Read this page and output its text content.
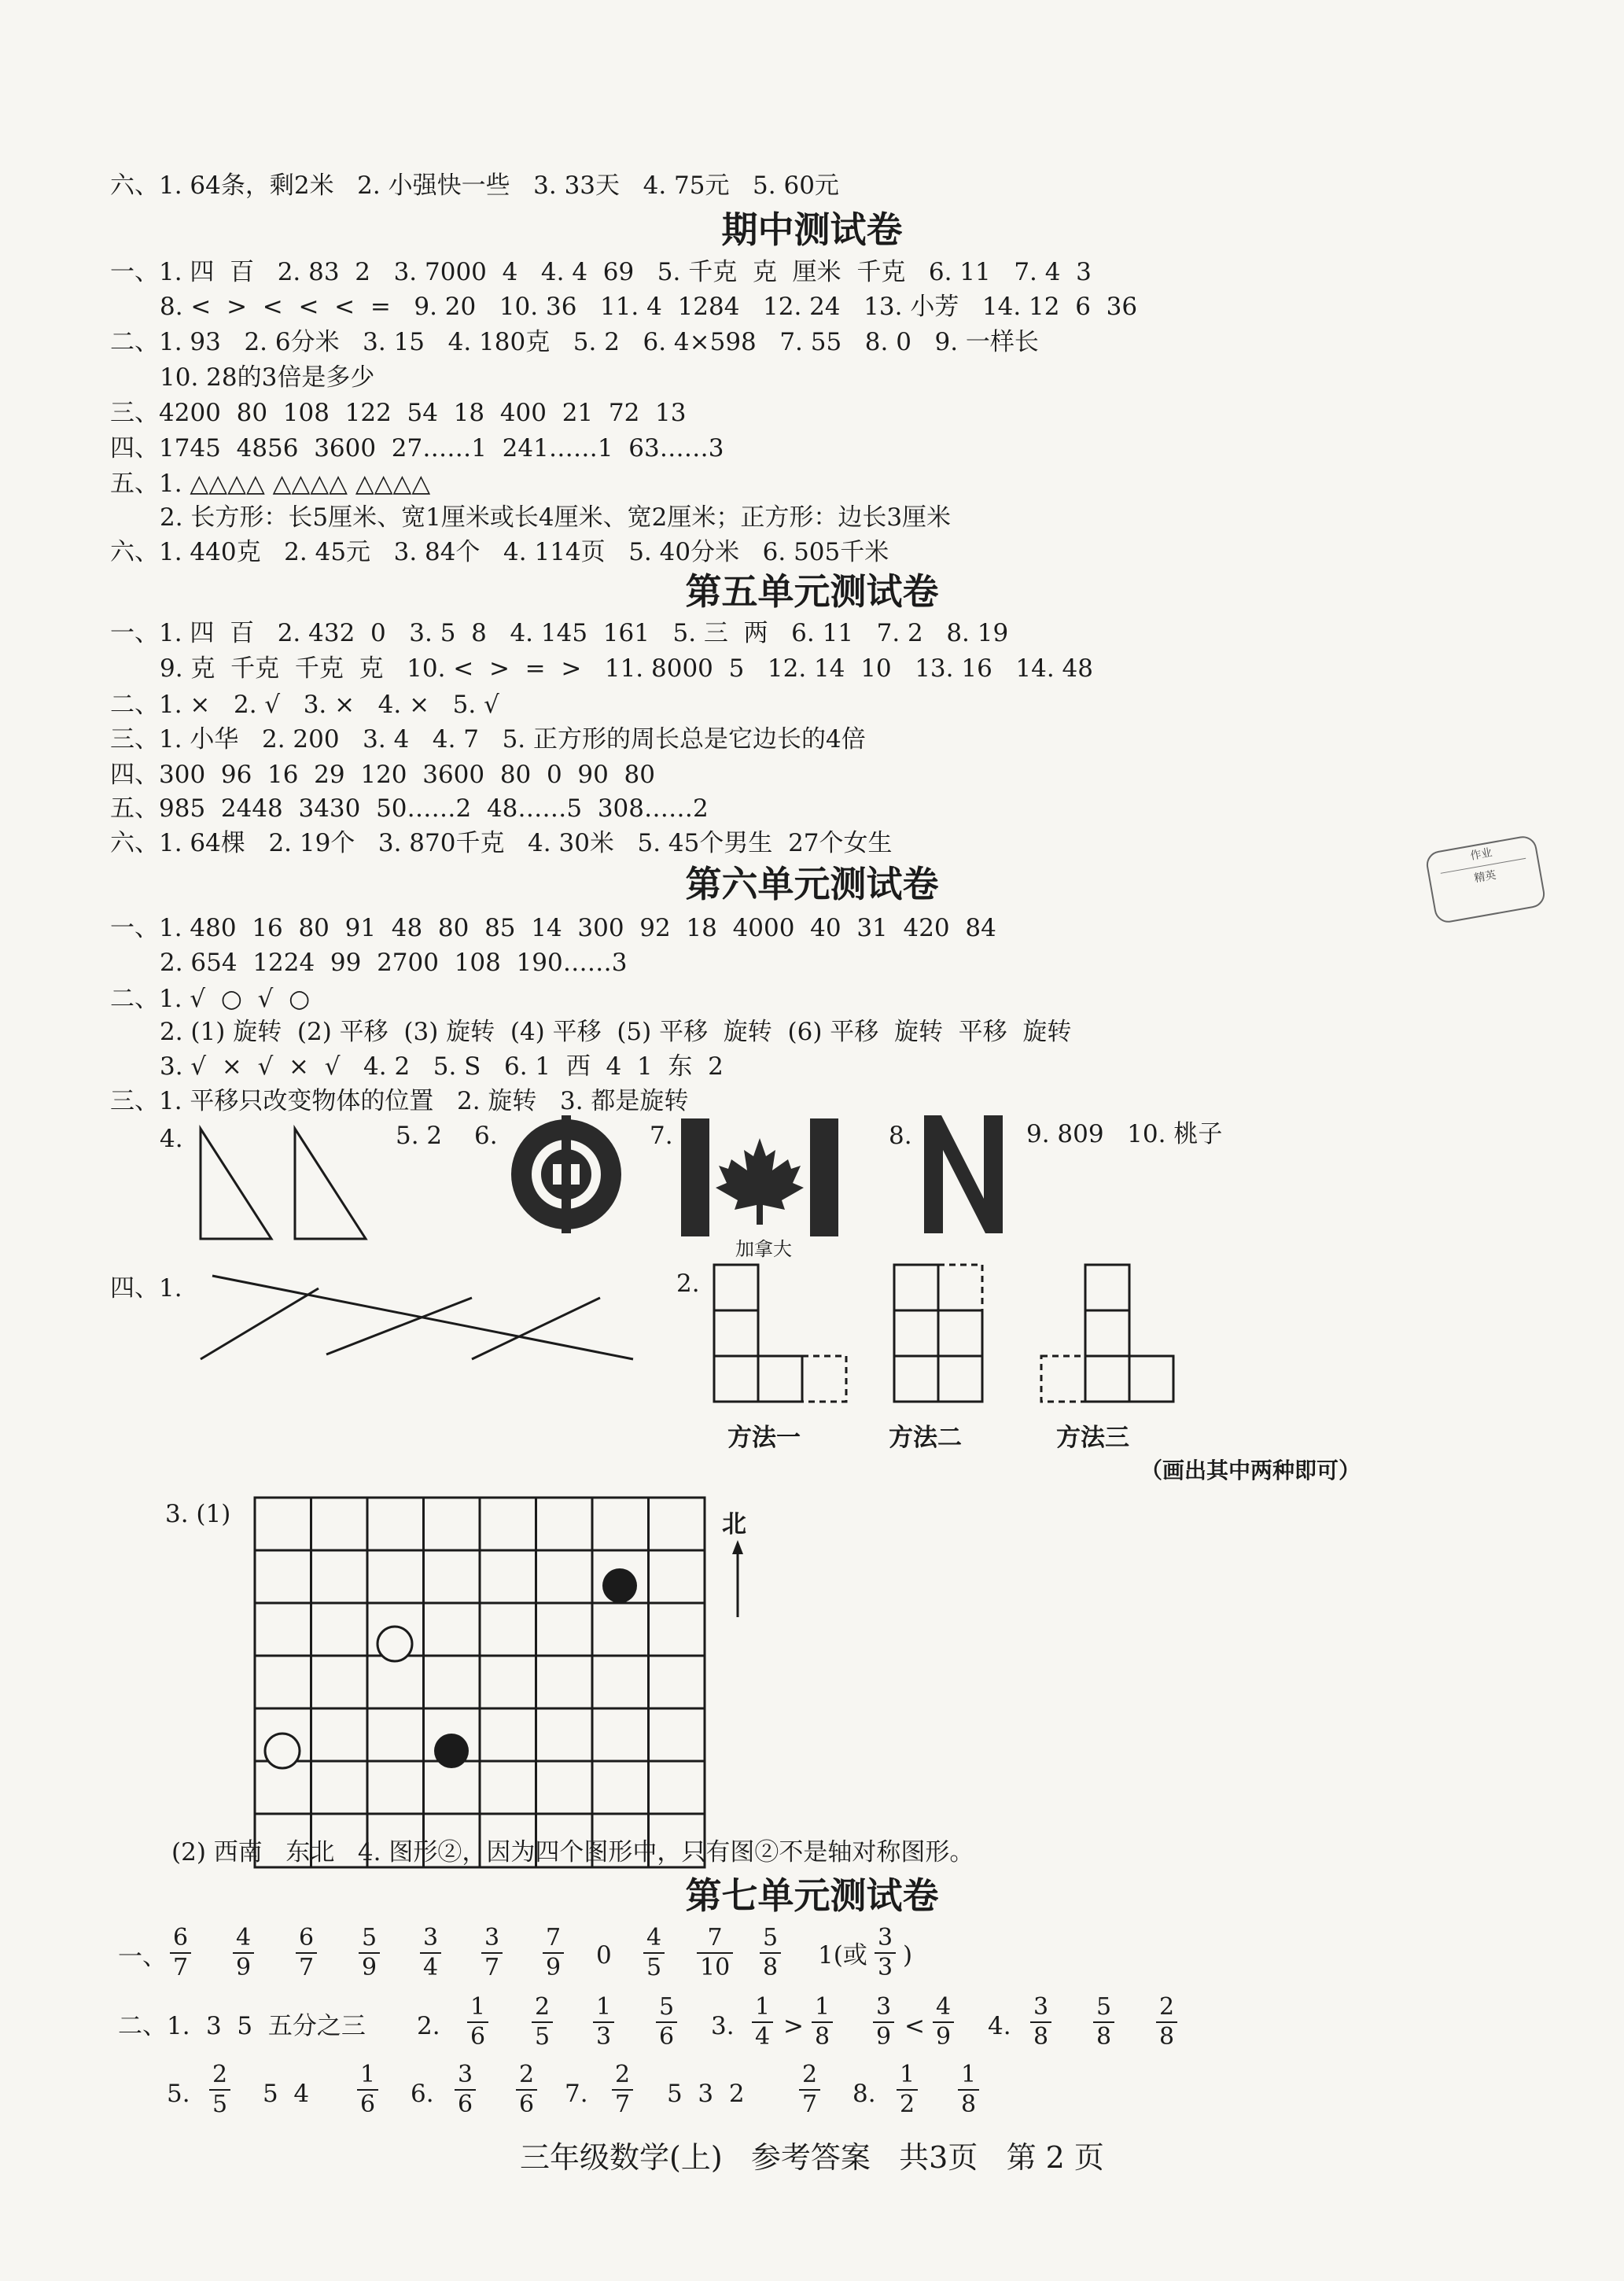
六、1. 64条，剩2米   2. 小强快一些   3. 33天   4. 75元   5. 60元
期中测试卷
一、1. 四  百   2. 83  2   3. 7000  4   4. 4  69   5. 千克  克  厘米  千克   6. 11   7. 4  3
8. <  >  <  <  <  =   9. 20   10. 36   11. 4  1284   12. 24   13. 小芳   14. 12  6  36
二、1. 93   2. 6分米   3. 15   4. 180克   5. 2   6. 4×598   7. 55   8. 0   9. 一样长
10. 28的3倍是多少
三、4200  80  108  122  54  18  400  21  72  13
四、1745  4856  3600  27……1  241……1  63……3
五、1. △△△△ △△△△ △△△△
2. 长方形：长5厘米、宽1厘米或长4厘米、宽2厘米；正方形：边长3厘米
六、1. 440克   2. 45元   3. 84个   4. 114页   5. 40分米   6. 505千米
第五单元测试卷
一、1. 四  百   2. 432  0   3. 5  8   4. 145  161   5. 三  两   6. 11   7. 2   8. 19
9. 克  千克  千克  克   10. <  >  =  >   11. 8000  5   12. 14  10   13. 16   14. 48
二、1. ×   2. √   3. ×   4. ×   5. √
三、1. 小华   2. 200   3. 4   4. 7   5. 正方形的周长总是它边长的4倍
四、300  96  16  29  120  3600  80  0  90  80
五、985  2448  3430  50……2  48……5  308……2
六、1. 64棵   2. 19个   3. 870千克   4. 30米   5. 45个男生  27个女生
第六单元测试卷
一、1. 480  16  80  91  48  80  85  14  300  92  18  4000  40  31  420  84
2. 654  1224  99  2700  108  190……3
二、1. √  ○  √  ○
2. (1) 旋转  (2) 平移  (3) 旋转  (4) 平移  (5) 平移  旋转  (6) 平移  旋转  平移  旋转
3. √  ×  √  ×  √   4. 2   5. S   6. 1  西  4  1  东  2
三、1. 平移只改变物体的位置   2. 旋转   3. 都是旋转
4.	5. 2 6.	7.
加拿大
8.	9. 809   10. 桃子
四、1.	2.
方法一	方法二	方法三
（画出其中两种即可）
3. (1)	北
(2) 西南   东北   4. 图形②，因为四个图形中，只有图②不是轴对称图形。
第七单元测试卷
一、
6
7
4
9
6
7
5
9
3
4
3
7
7
9 0
4
5
7
10
5
8 1(或
3
3 )
二、1. 3  5  五分之三 2.
1
6
2
5
1
3
5
6 3.
1
4 >
1
8
3
9 <
4
9 4.
3
8
5
8
2
8
5.
2
5 5  4
1
6 6.
3
6
2
6 7.
2
7 5  3  2
2
7 8.
1
2
1
8
作业
精英
三年级数学(上)   参考答案   共3页   第 2 页
